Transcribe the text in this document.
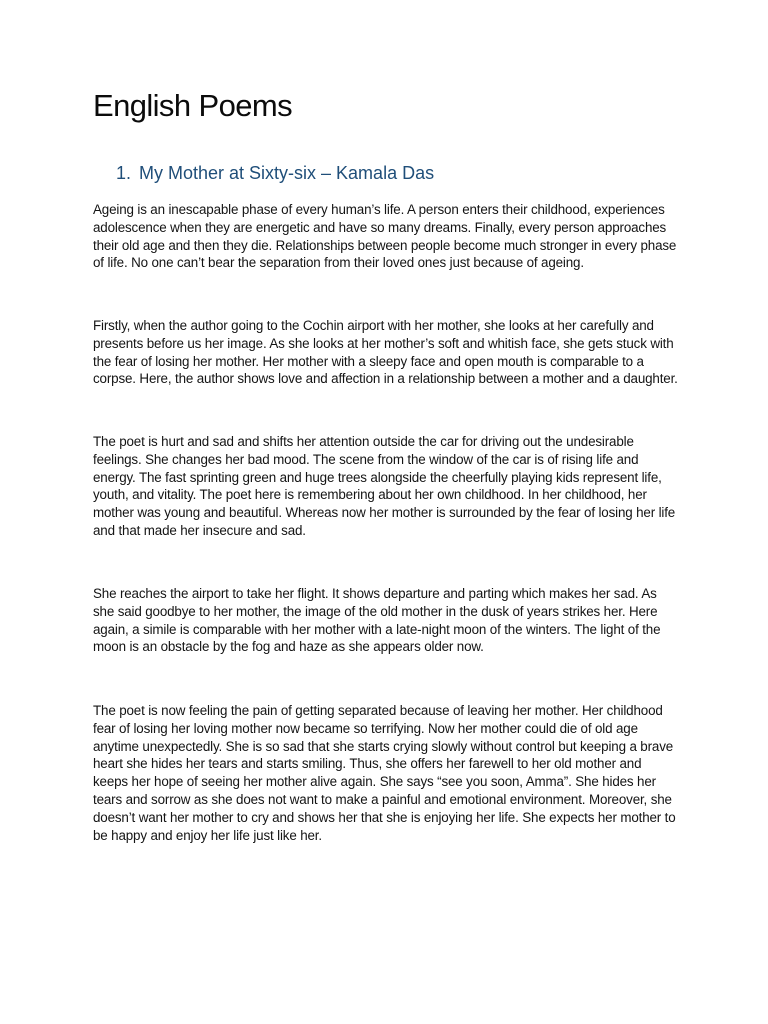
English Poems
1. My Mother at Sixty-six – Kamala Das

Ageing is an inescapable phase of every human’s life. A person enters their childhood, experiences adolescence when they are energetic and have so many dreams. Finally, every person approaches their old age and then they die. Relationships between people become much stronger in every phase of life. No one can’t bear the separation from their loved ones just because of ageing.

Firstly, when the author going to the Cochin airport with her mother, she looks at her carefully and presents before us her image. As she looks at her mother’s soft and whitish face, she gets stuck with the fear of losing her mother. Her mother with a sleepy face and open mouth is comparable to a corpse. Here, the author shows love and affection in a relationship between a mother and a daughter.

The poet is hurt and sad and shifts her attention outside the car for driving out the undesirable feelings. She changes her bad mood. The scene from the window of the car is of rising life and energy. The fast sprinting green and huge trees alongside the cheerfully playing kids represent life, youth, and vitality. The poet here is remembering about her own childhood. In her childhood, her mother was young and beautiful. Whereas now her mother is surrounded by the fear of losing her life and that made her insecure and sad.

She reaches the airport to take her flight. It shows departure and parting which makes her sad. As she said goodbye to her mother, the image of the old mother in the dusk of years strikes her. Here again, a simile is comparable with her mother with a late-night moon of the winters. The light of the moon is an obstacle by the fog and haze as she appears older now.

The poet is now feeling the pain of getting separated because of leaving her mother. Her childhood fear of losing her loving mother now became so terrifying. Now her mother could die of old age anytime unexpectedly. She is so sad that she starts crying slowly without control but keeping a brave heart she hides her tears and starts smiling. Thus, she offers her farewell to her old mother and keeps her hope of seeing her mother alive again. She says “see you soon, Amma”. She hides her tears and sorrow as she does not want to make a painful and emotional environment. Moreover, she doesn’t want her mother to cry and shows her that she is enjoying her life. She expects her mother to be happy and enjoy her life just like her.
